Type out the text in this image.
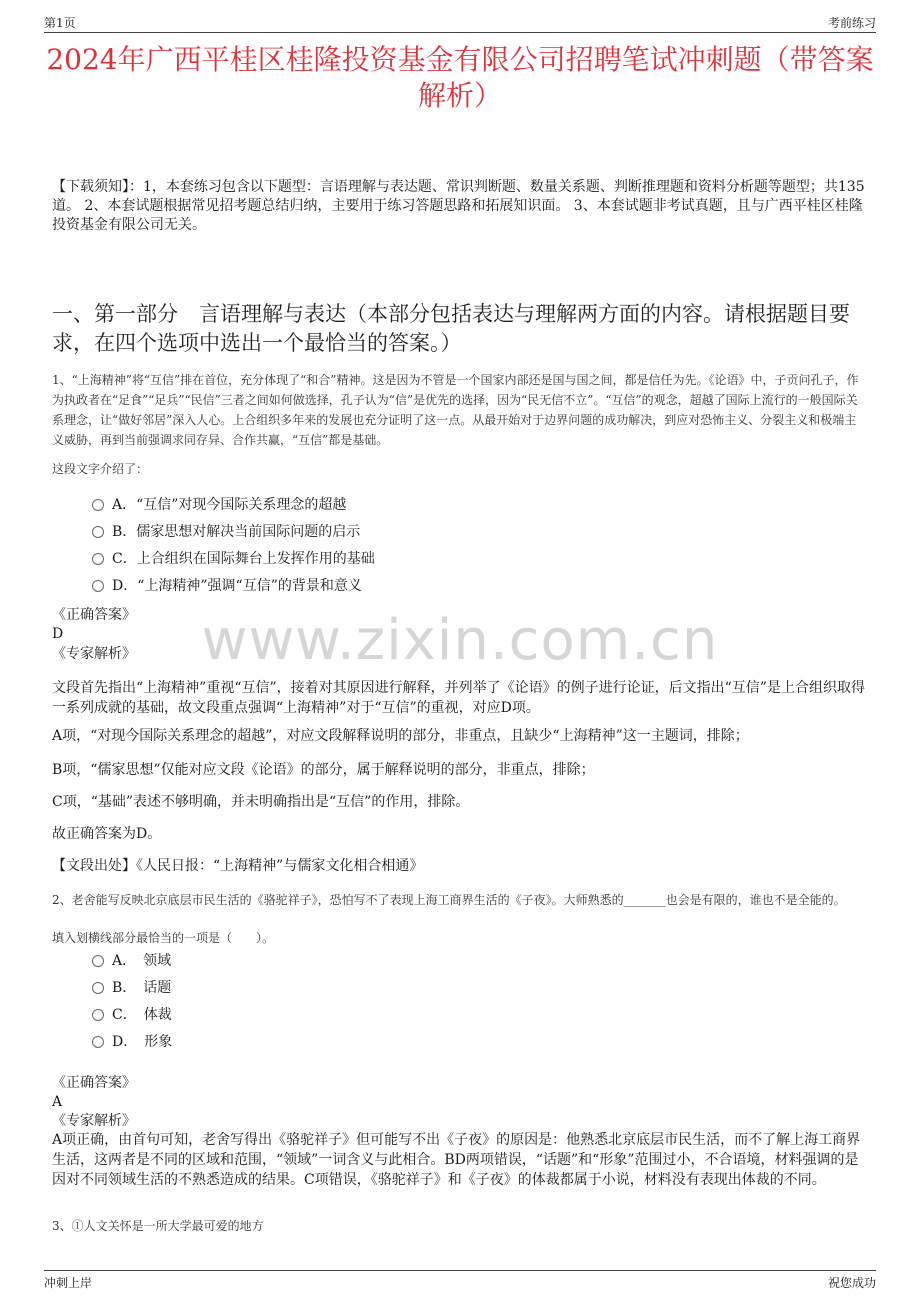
第1页	考前练习
2024年广西平桂区桂隆投资基金有限公司招聘笔试冲刺题（带答案解析）

【下载须知】：1，本套练习包含以下题型：言语理解与表达题、常识判断题、数量关系题、判断推理题和资料分析题等题型；共135道。 2、本套试题根据常见招考题总结归纳，主要用于练习答题思路和拓展知识面。 3、本套试题非考试真题，且与广西平桂区桂隆投资基金有限公司无关。

一、第一部分　言语理解与表达（本部分包括表达与理解两方面的内容。请根据题目要求，在四个选项中选出一个最恰当的答案。）

1、“上海精神”将“互信”排在首位，充分体现了“和合”精神。这是因为不管是一个国家内部还是国与国之间，都是信任为先。《论语》中，子贡问孔子，作为执政者在“足食”“足兵”“民信”三者之间如何做选择，孔子认为“信”是优先的选择，因为“民无信不立”。“互信”的观念，超越了国际上流行的一般国际关系理念，让“做好邻居”深入人心。上合组织多年来的发展也充分证明了这一点。从最开始对于边界问题的成功解决，到应对恐怖主义、分裂主义和极端主义威胁，再到当前强调求同存异、合作共赢，“互信”都是基础。

这段文字介绍了：

A．“互信”对现今国际关系理念的超越
B．儒家思想对解决当前国际问题的启示
C．上合组织在国际舞台上发挥作用的基础
D．“上海精神”强调“互信”的背景和意义
www.zixin.com.cn

《正确答案》

D

《专家解析》

文段首先指出“上海精神”重视“互信”，接着对其原因进行解释，并列举了《论语》的例子进行论证，后文指出“互信”是上合组织取得一系列成就的基础，故文段重点强调“上海精神”对于“互信”的重视，对应D项。

A项，“对现今国际关系理念的超越”，对应文段解释说明的部分，非重点，且缺少“上海精神”这一主题词，排除；

B项，“儒家思想”仅能对应文段《论语》的部分，属于解释说明的部分，非重点，排除；

C项，“基础”表述不够明确，并未明确指出是“互信”的作用，排除。

故正确答案为D。

【文段出处】《人民日报：“上海精神”与儒家文化相合相通》

2、老舍能写反映北京底层市民生活的《骆驼祥子》，恐怕写不了表现上海工商界生活的《子夜》。大师熟悉的_______也会是有限的，谁也不是全能的。

填入划横线部分最恰当的一项是（　　）。

A．　领域
B．　话题
C．　体裁
D．　形象

《正确答案》

A

《专家解析》

A项正确，由首句可知，老舍写得出《骆驼祥子》但可能写不出《子夜》的原因是：他熟悉北京底层市民生活，而不了解上海工商界生活，这两者是不同的区域和范围，“领域”一词含义与此相合。BD两项错误，“话题”和“形象”范围过小，不合语境，材料强调的是因对不同领域生活的不熟悉造成的结果。C项错误，《骆驼祥子》和《子夜》的体裁都属于小说，材料没有表现出体裁的不同。

3、①人文关怀是一所大学最可爱的地方

冲刺上岸	祝您成功
